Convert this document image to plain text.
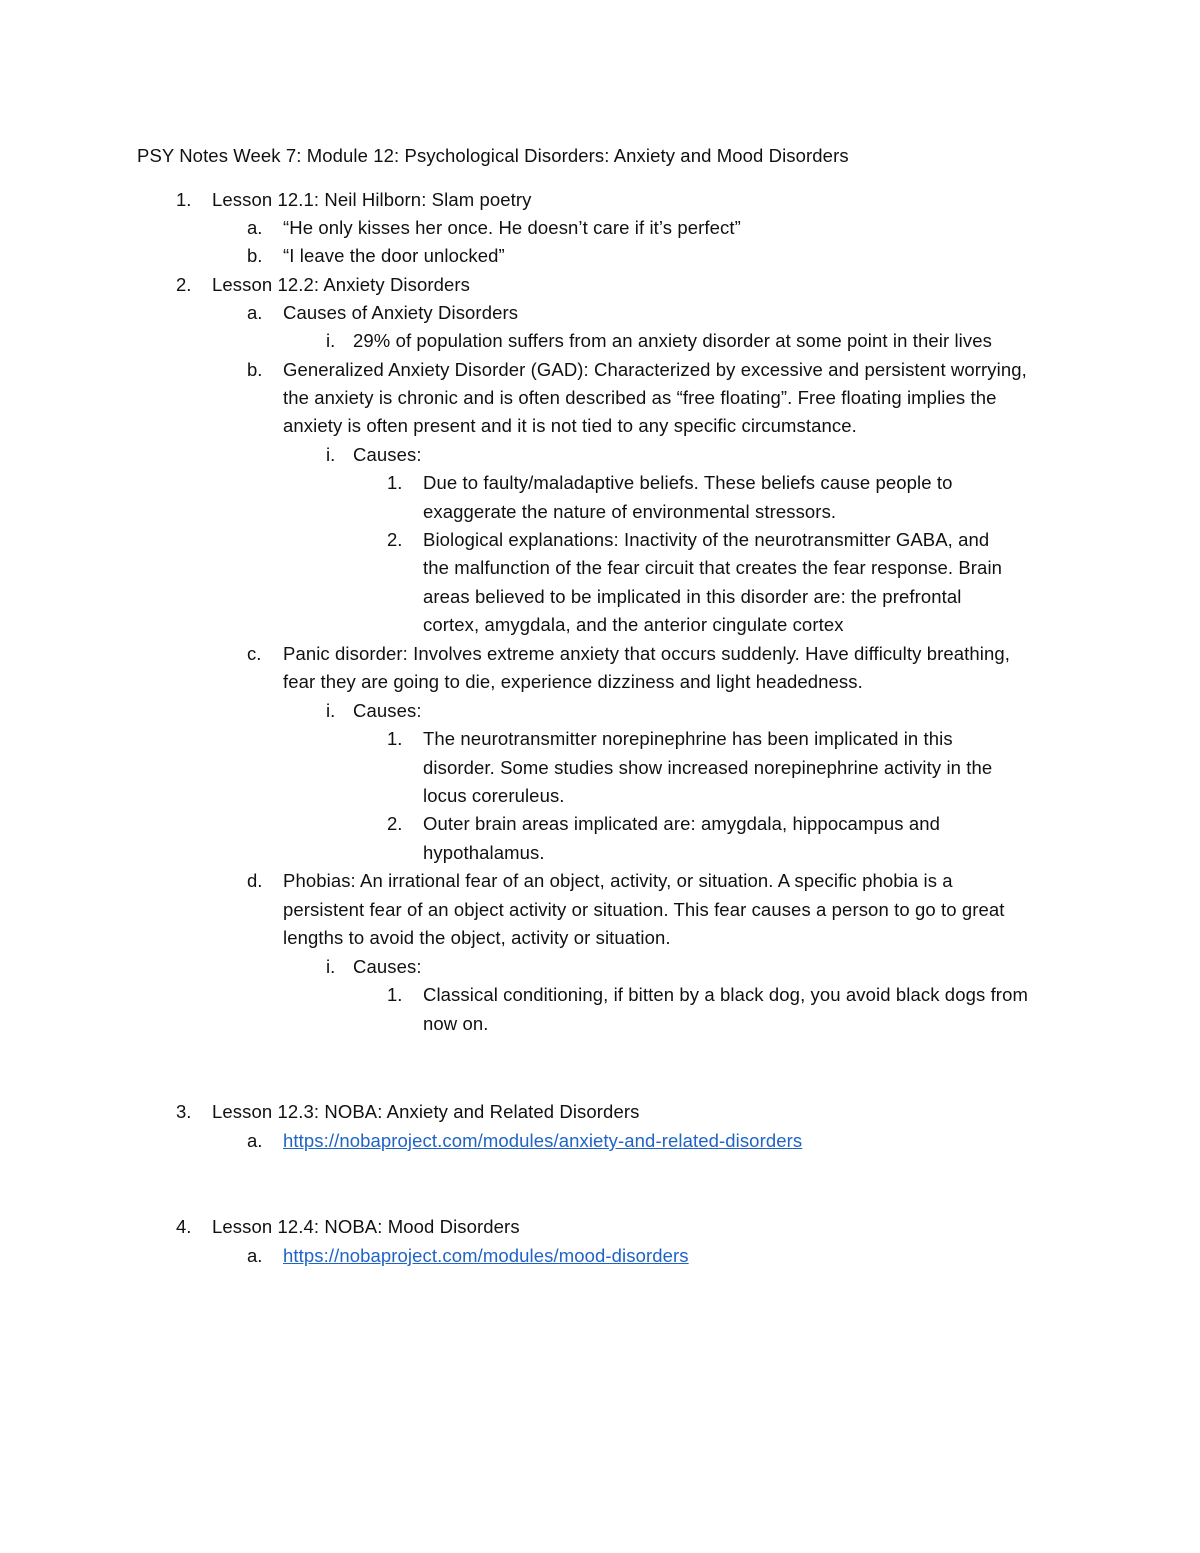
PSY Notes Week 7: Module 12: Psychological Disorders: Anxiety and Mood Disorders
1. Lesson 12.1: Neil Hilborn: Slam poetry
a. “He only kisses her once. He doesn’t care if it’s perfect”
b. “I leave the door unlocked”
2. Lesson 12.2: Anxiety Disorders
a. Causes of Anxiety Disorders
i. 29% of population suffers from an anxiety disorder at some point in their lives
b. Generalized Anxiety Disorder (GAD): Characterized by excessive and persistent worrying,
the anxiety is chronic and is often described as “free floating”. Free floating implies the
anxiety is often present and it is not tied to any specific circumstance.
i. Causes:
1. Due to faulty/maladaptive beliefs. These beliefs cause people to
exaggerate the nature of environmental stressors.
2. Biological explanations: Inactivity of the neurotransmitter GABA, and
the malfunction of the fear circuit that creates the fear response. Brain
areas believed to be implicated in this disorder are: the prefrontal
cortex, amygdala, and the anterior cingulate cortex
c. Panic disorder: Involves extreme anxiety that occurs suddenly. Have difficulty breathing,
fear they are going to die, experience dizziness and light headedness.
i. Causes:
1. The neurotransmitter norepinephrine has been implicated in this
disorder. Some studies show increased norepinephrine activity in the
locus coreruleus.
2. Outer brain areas implicated are: amygdala, hippocampus and
hypothalamus.
d. Phobias: An irrational fear of an object, activity, or situation. A specific phobia is a
persistent fear of an object activity or situation. This fear causes a person to go to great
lengths to avoid the object, activity or situation.
i. Causes:
1. Classical conditioning, if bitten by a black dog, you avoid black dogs from
now on.
3. Lesson 12.3: NOBA: Anxiety and Related Disorders
a. https://nobaproject.com/modules/anxiety-and-related-disorders
4. Lesson 12.4: NOBA: Mood Disorders
a. https://nobaproject.com/modules/mood-disorders
